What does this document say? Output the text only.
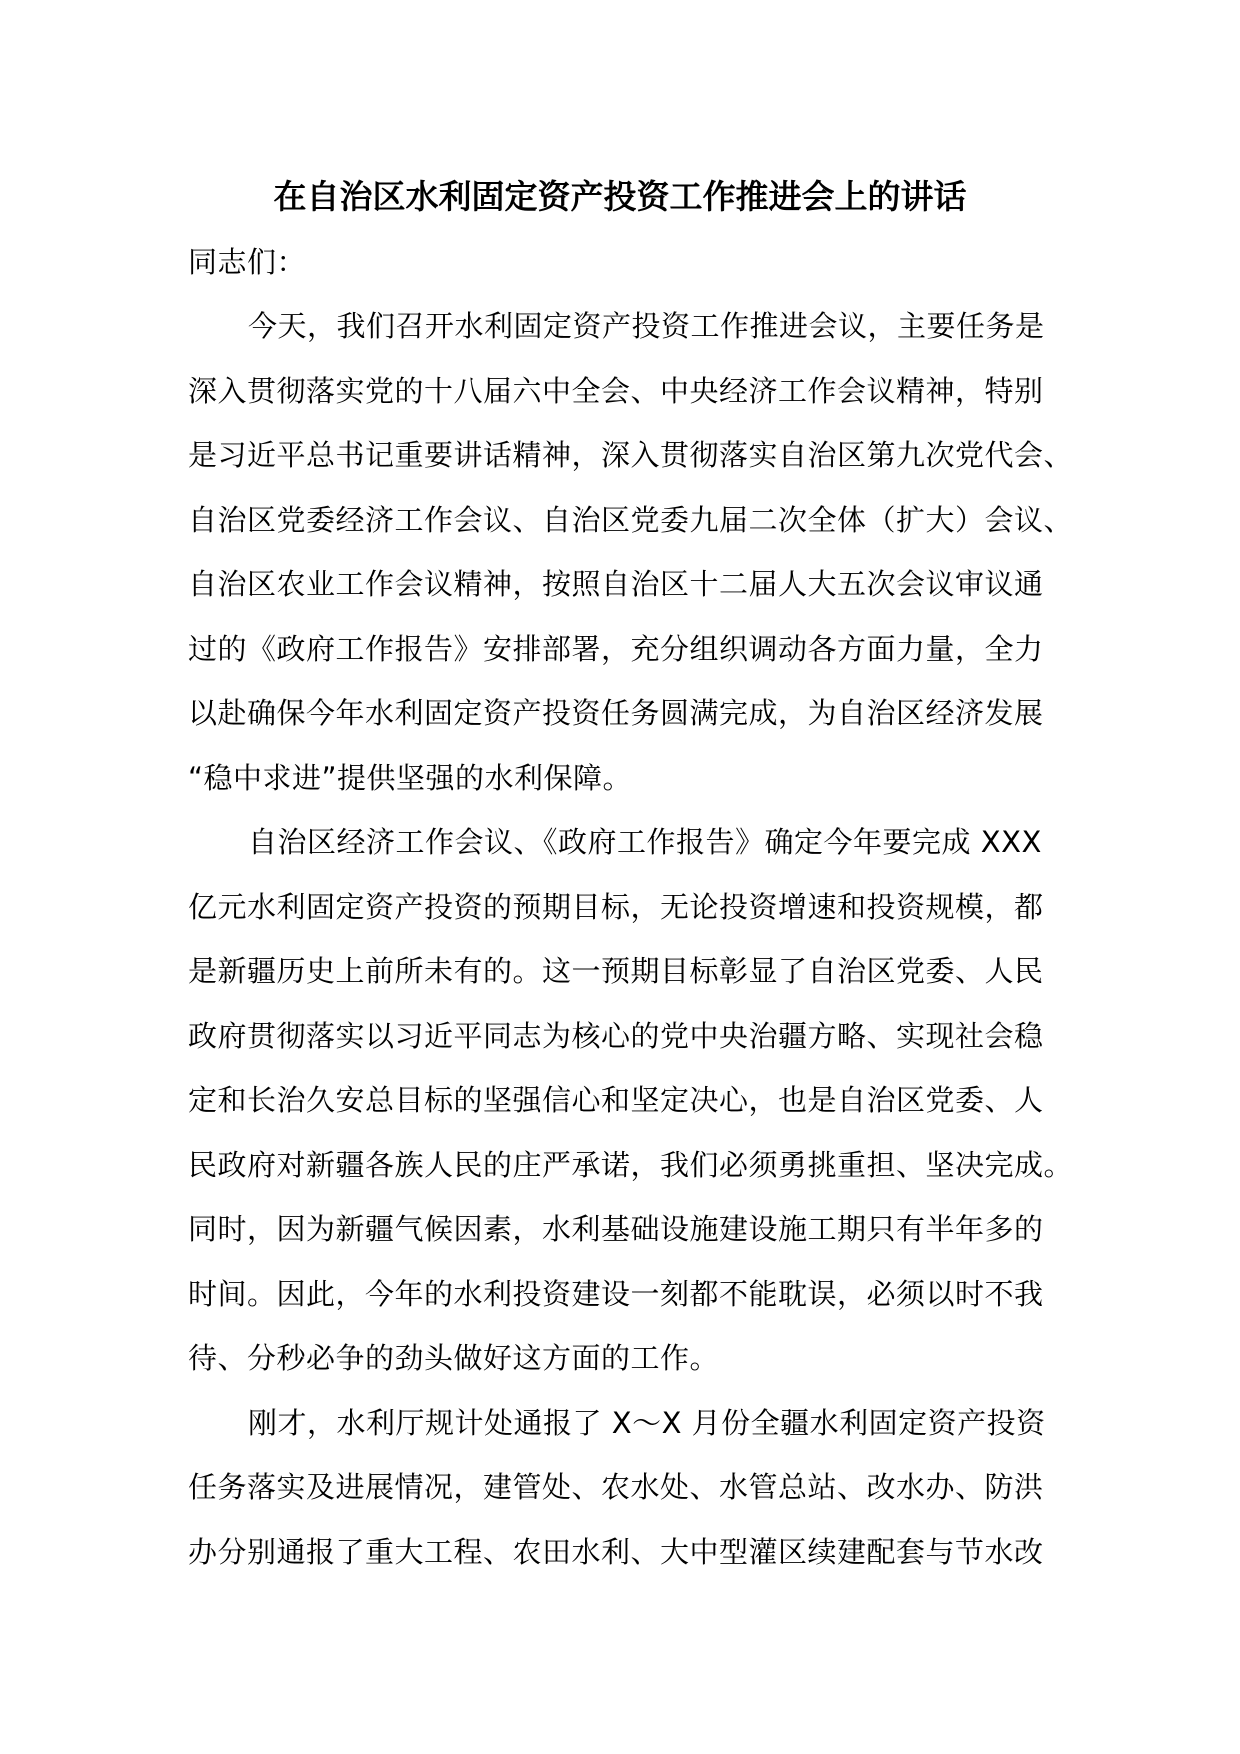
在自治区水利固定资产投资工作推进会上的讲话
同志们：
今天，我们召开水利固定资产投资工作推进会议，主要任务是
深入贯彻落实党的十八届六中全会、中央经济工作会议精神，特别
是习近平总书记重要讲话精神，深入贯彻落实自治区第九次党代会、
自治区党委经济工作会议、自治区党委九届二次全体（扩大）会议、
自治区农业工作会议精神，按照自治区十二届人大五次会议审议通
过的《政府工作报告》安排部署，充分组织调动各方面力量，全力
以赴确保今年水利固定资产投资任务圆满完成，为自治区经济发展
“稳中求进”提供坚强的水利保障。
自治区经济工作会议、《政府工作报告》确定今年要完成 XXX
亿元水利固定资产投资的预期目标，无论投资增速和投资规模，都
是新疆历史上前所未有的。这一预期目标彰显了自治区党委、人民
政府贯彻落实以习近平同志为核心的党中央治疆方略、实现社会稳
定和长治久安总目标的坚强信心和坚定决心，也是自治区党委、人
民政府对新疆各族人民的庄严承诺，我们必须勇挑重担、坚决完成。
同时，因为新疆气候因素，水利基础设施建设施工期只有半年多的
时间。因此，今年的水利投资建设一刻都不能耽误，必须以时不我
待、分秒必争的劲头做好这方面的工作。
刚才，水利厅规计处通报了 X～X 月份全疆水利固定资产投资
任务落实及进展情况，建管处、农水处、水管总站、改水办、防洪
办分别通报了重大工程、农田水利、大中型灌区续建配套与节水改
